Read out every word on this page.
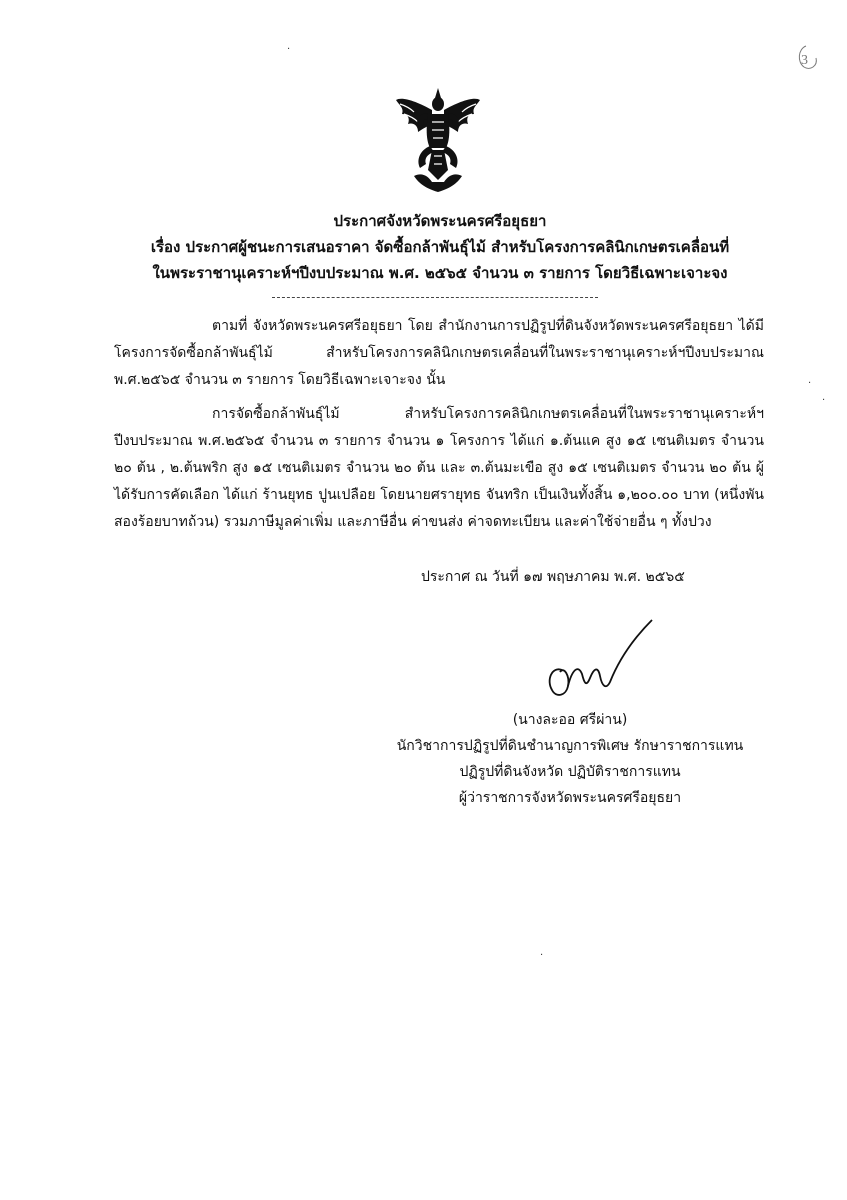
·
·
·
·
3
ประกาศจังหวัดพระนครศรีอยุธยา
เรื่อง ประกาศผู้ชนะการเสนอราคา จัดซื้อกล้าพันธุ์ไม้ สำหรับโครงการคลินิกเกษตรเคลื่อนที่
ในพระราชานุเคราะห์ฯปีงบประมาณ พ.ศ. ๒๕๖๕ จำนวน ๓ รายการ โดยวิธีเฉพาะเจาะจง

ตามที่ จังหวัดพระนครศรีอยุธยา โดย สำนักงานการปฏิรูปที่ดินจังหวัดพระนครศรีอยุธยา ได้มีโครงการจัดซื้อกล้าพันธุ์ไม้ สำหรับโครงการคลินิกเกษตรเคลื่อนที่ในพระราชานุเคราะห์ฯปีงบประมาณ พ.ศ.๒๕๖๕ จำนวน ๓ รายการ โดยวิธีเฉพาะเจาะจง นั้น

การจัดซื้อกล้าพันธุ์ไม้ สำหรับโครงการคลินิกเกษตรเคลื่อนที่ในพระราชานุเคราะห์ฯ ปีงบประมาณ พ.ศ.๒๕๖๕ จำนวน ๓ รายการ จำนวน ๑ โครงการ ได้แก่ ๑.ต้นแค สูง ๑๕ เซนติเมตร จำนวน ๒๐ ต้น , ๒.ต้นพริก สูง ๑๕ เซนติเมตร จำนวน ๒๐ ต้น และ ๓.ต้นมะเขือ สูง ๑๕ เซนติเมตร จำนวน ๒๐ ต้น ผู้ได้รับการคัดเลือก ได้แก่ ร้านยุทธ ปูนเปลือย โดยนายศรายุทธ จันทริก เป็นเงินทั้งสิ้น ๑,๒๐๐.๐๐ บาท (หนึ่งพันสองร้อยบาทถ้วน) รวมภาษีมูลค่าเพิ่ม และภาษีอื่น ค่าขนส่ง ค่าจดทะเบียน และค่าใช้จ่ายอื่น ๆ ทั้งปวง

ประกาศ ณ วันที่ ๑๗ พฤษภาคม พ.ศ. ๒๕๖๕
(นางละออ ศรีผ่าน)
นักวิชาการปฏิรูปที่ดินชำนาญการพิเศษ รักษาราชการแทน
ปฏิรูปที่ดินจังหวัด ปฏิบัติราชการแทน
ผู้ว่าราชการจังหวัดพระนครศรีอยุธยา
